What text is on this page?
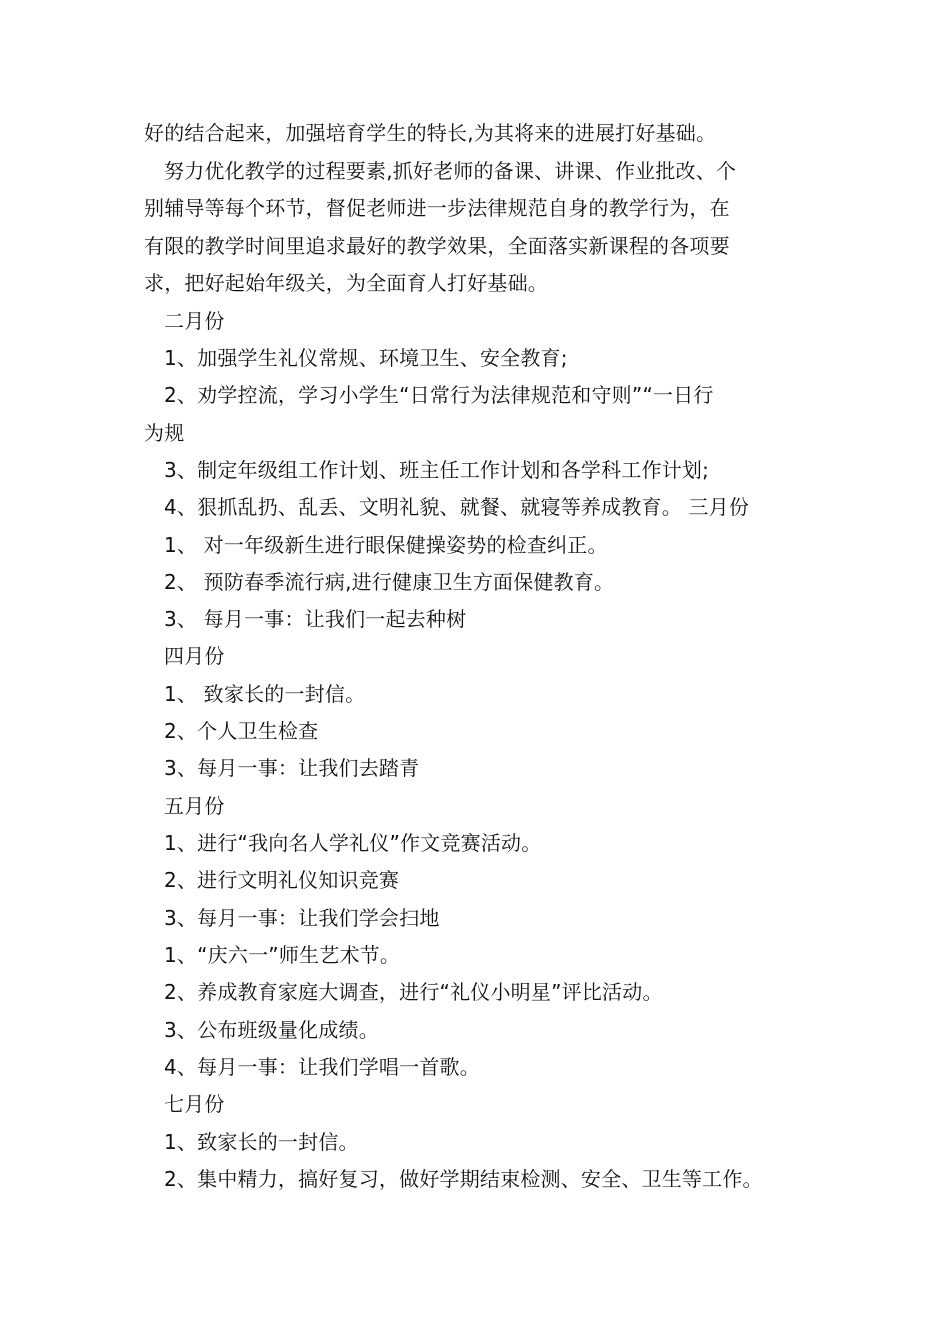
好的结合起来，加强培育学生的特长,为其将来的进展打好基础。
努力优化教学的过程要素,抓好老师的备课、讲课、作业批改、个
别辅导等每个环节，督促老师进一步法律规范自身的教学行为，在
有限的教学时间里追求最好的教学效果，全面落实新课程的各项要
求，把好起始年级关，为全面育人打好基础。
二月份
1、加强学生礼仪常规、环境卫生、安全教育;
2、劝学控流，学习小学生“日常行为法律规范和守则”“一日行
为规
3、制定年级组工作计划、班主任工作计划和各学科工作计划;
4、狠抓乱扔、乱丢、文明礼貌、就餐、就寝等养成教育。 三月份
1、 对一年级新生进行眼保健操姿势的检查纠正。
2、 预防春季流行病,进行健康卫生方面保健教育。
3、 每月一事：让我们一起去种树
四月份
1、 致家长的一封信。
2、个人卫生检查
3、每月一事：让我们去踏青
五月份
1、进行“我向名人学礼仪”作文竞赛活动。
2、进行文明礼仪知识竞赛
3、每月一事：让我们学会扫地
1、“庆六一”师生艺术节。
2、养成教育家庭大调查，进行“礼仪小明星”评比活动。
3、公布班级量化成绩。
4、每月一事：让我们学唱一首歌。
七月份
1、致家长的一封信。
2、集中精力，搞好复习，做好学期结束检测、安全、卫生等工作。
